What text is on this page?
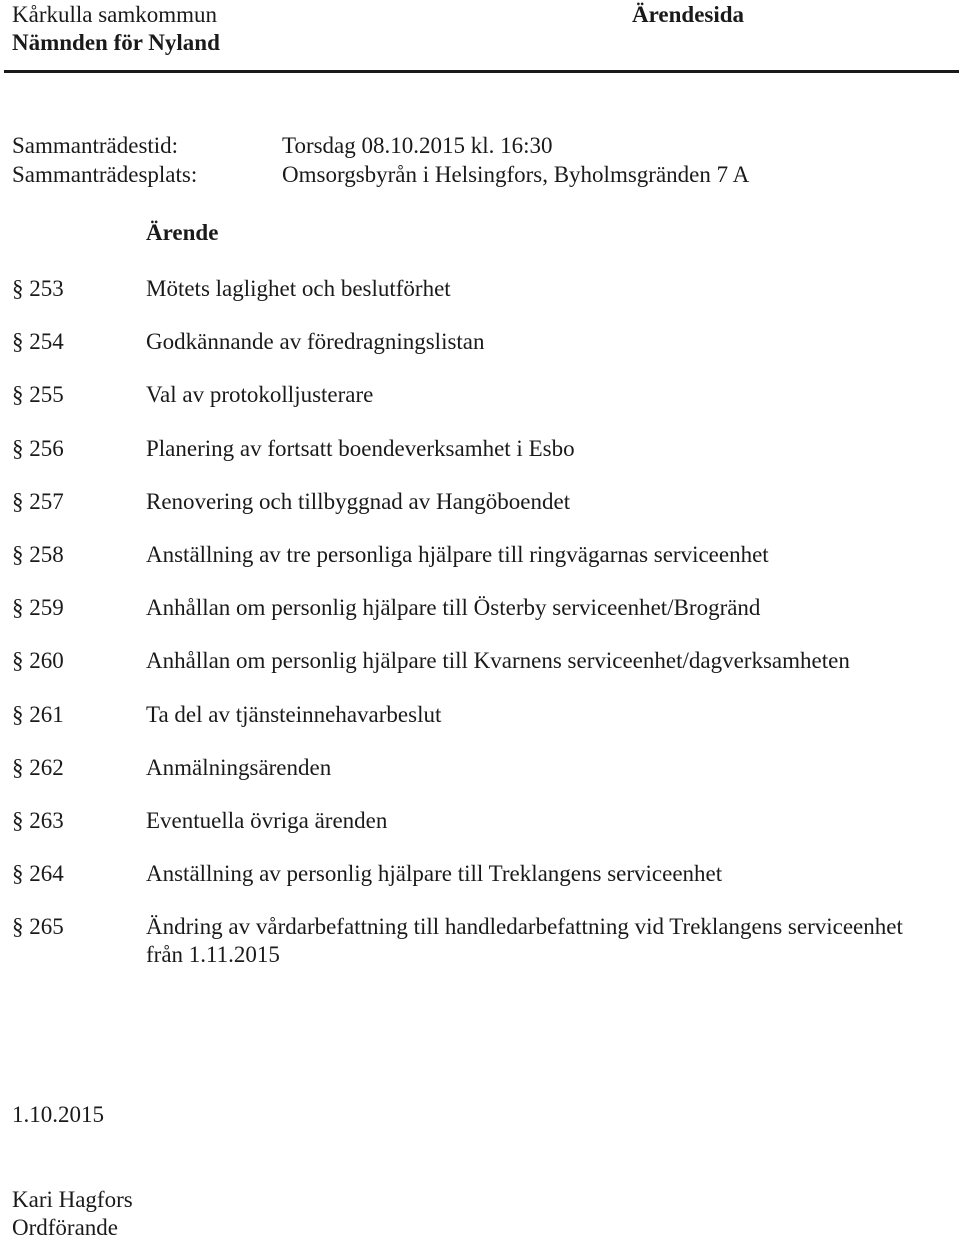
Kårkulla samkommun
Nämnden för Nyland
Ärendesida
Sammanträdestid:	Torsdag 08.10.2015 kl. 16:30
Sammanträdesplats:	Omsorgsbyrån i Helsingfors, Byholmsgränden 7 A
Ärende
§ 253	Mötets laglighet och beslutförhet
§ 254	Godkännande av föredragningslistan
§ 255	Val av protokolljusterare
§ 256	Planering av fortsatt boendeverksamhet i Esbo
§ 257	Renovering och tillbyggnad av Hangöboendet
§ 258	Anställning av tre personliga hjälpare till ringvägarnas serviceenhet
§ 259	Anhållan om personlig hjälpare till Österby serviceenhet/Brogränd
§ 260	Anhållan om personlig hjälpare till Kvarnens serviceenhet/dagverksamheten
§ 261	Ta del av tjänsteinnehavarbeslut
§ 262	Anmälningsärenden
§ 263	Eventuella övriga ärenden
§ 264	Anställning av personlig hjälpare till Treklangens serviceenhet
§ 265	Ändring av vårdarbefattning till handledarbefattning vid Treklangens serviceenhet från 1.11.2015
1.10.2015
Kari Hagfors
Ordförande
